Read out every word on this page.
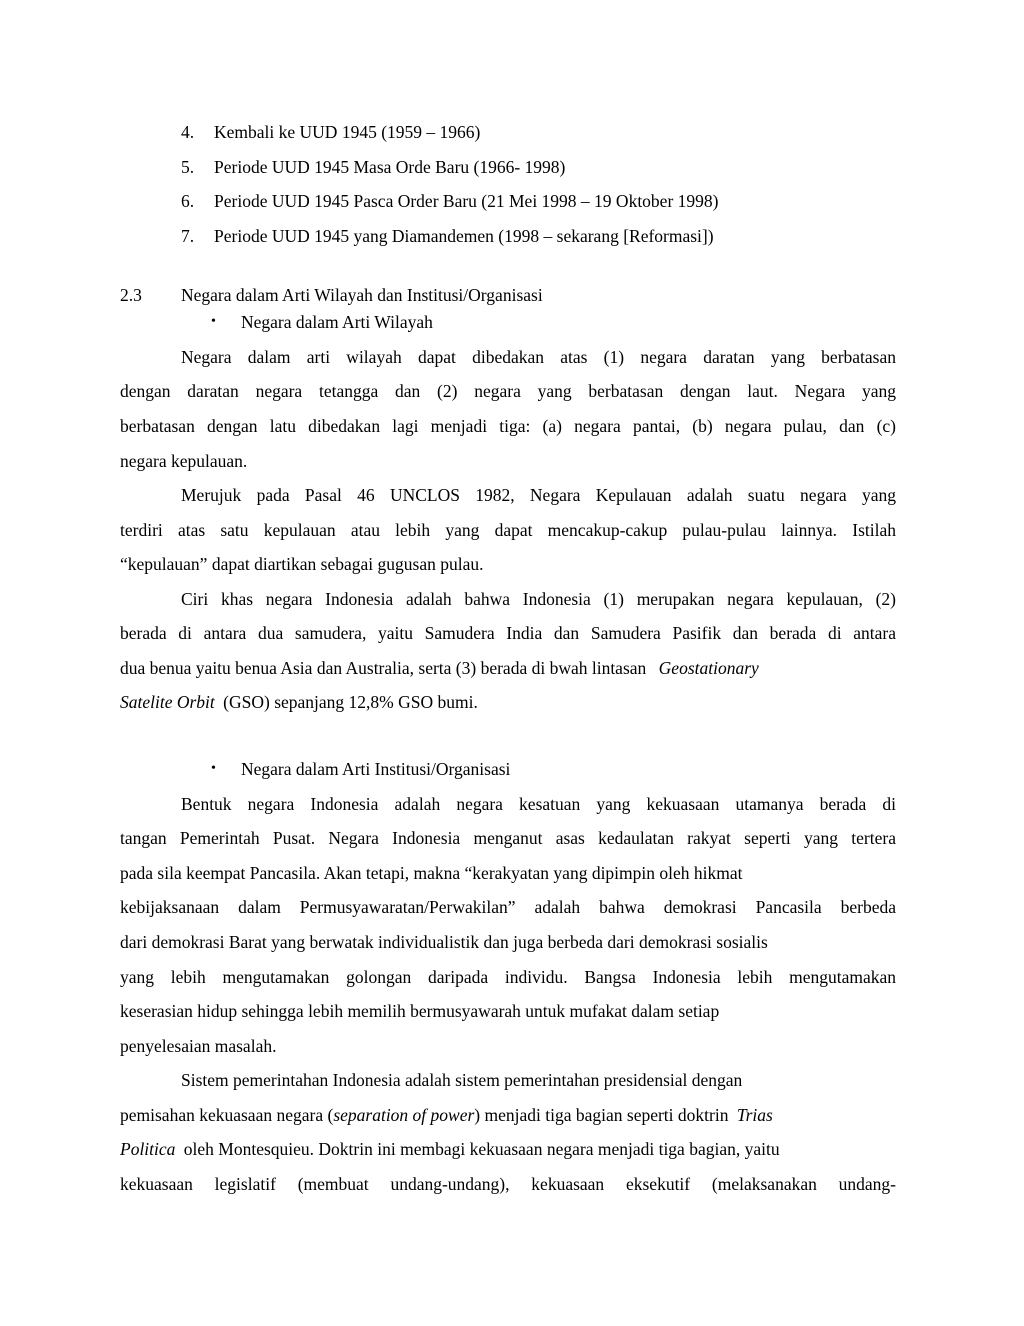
4.	Kembali ke UUD 1945 (1959 – 1966)
5.	Periode UUD 1945 Masa Orde Baru (1966- 1998)
6.	Periode UUD 1945 Pasca Order Baru (21 Mei 1998 – 19 Oktober 1998)
7.	Periode UUD 1945 yang Diamandemen (1998 – sekarang [Reformasi])
2.3 Negara dalam Arti Wilayah dan Institusi/Organisasi
• Negara dalam Arti Wilayah
Negara dalam arti wilayah dapat dibedakan atas (1) negara daratan yang berbatasan
dengan daratan negara tetangga dan (2) negara yang berbatasan dengan laut. Negara yang
berbatasan dengan latu dibedakan lagi menjadi tiga: (a) negara pantai, (b) negara pulau, dan (c)
negara kepulauan.
Merujuk pada Pasal 46 UNCLOS 1982, Negara Kepulauan adalah suatu negara yang
terdiri atas satu kepulauan atau lebih yang dapat mencakup-cakup pulau-pulau lainnya. Istilah
“kepulauan” dapat diartikan sebagai gugusan pulau.
Ciri khas negara Indonesia adalah bahwa Indonesia (1) merupakan negara kepulauan, (2)
berada di antara dua samudera, yaitu Samudera India dan Samudera Pasifik dan berada di antara
dua benua yaitu benua Asia dan Australia, serta (3) berada di bwah lintasan Geostationary
Satelite Orbit (GSO) sepanjang 12,8% GSO bumi.
• Negara dalam Arti Institusi/Organisasi
Bentuk negara Indonesia adalah negara kesatuan yang kekuasaan utamanya berada di
tangan Pemerintah Pusat. Negara Indonesia menganut asas kedaulatan rakyat seperti yang tertera
pada sila keempat Pancasila. Akan tetapi, makna “kerakyatan yang dipimpin oleh hikmat
kebijaksanaan dalam Permusyawaratan/Perwakilan” adalah bahwa demokrasi Pancasila berbeda
dari demokrasi Barat yang berwatak individualistik dan juga berbeda dari demokrasi sosialis
yang lebih mengutamakan golongan daripada individu. Bangsa Indonesia lebih mengutamakan
keserasian hidup sehingga lebih memilih bermusyawarah untuk mufakat dalam setiap
penyelesaian masalah.
Sistem pemerintahan Indonesia adalah sistem pemerintahan presidensial dengan
pemisahan kekuasaan negara (separation of power) menjadi tiga bagian seperti doktrin Trias
Politica oleh Montesquieu. Doktrin ini membagi kekuasaan negara menjadi tiga bagian, yaitu
kekuasaan legislatif (membuat undang-undang), kekuasaan eksekutif (melaksanakan undang-
